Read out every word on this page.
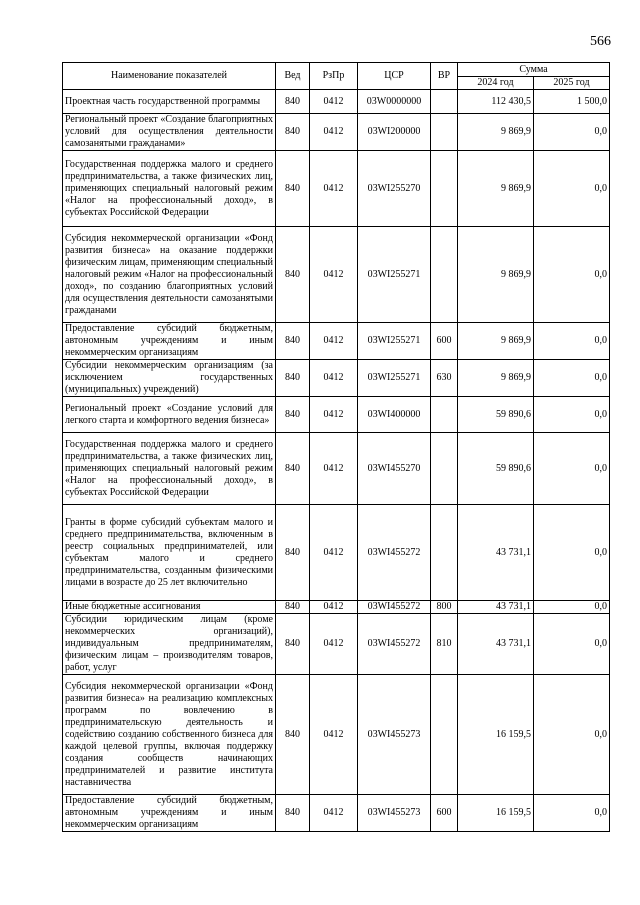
566
Наименование показателей	Вед	РзПр	ЦСР	ВР	Сумма	
					2024 год	2025 год
Проектная часть государственной программы	840	0412	03W0000000		112 430,5	1 500,0
Региональный проект «Создание благоприятных условий для осуществления деятельности самозанятыми гражданами»	840	0412	03WI200000		9 869,9	0,0
Государственная поддержка малого и среднего предпринимательства, а также физических лиц, применяющих специальный налоговый режим «Налог на профессиональный доход», в субъектах Российской Федерации	840	0412	03WI255270		9 869,9	0,0
Субсидия некоммерческой организации «Фонд развития бизнеса» на оказание поддержки физическим лицам, применяющим специальный налоговый режим «Налог на профессиональный доход», по созданию благоприятных условий для осуществления деятельности самозанятыми гражданами	840	0412	03WI255271		9 869,9	0,0
Предоставление субсидий бюджетным, автономным учреждениям и иным некоммерческим организациям	840	0412	03WI255271	600	9 869,9	0,0
Субсидии некоммерческим организациям (за исключением государственных (муниципальных) учреждений)	840	0412	03WI255271	630	9 869,9	0,0
Региональный проект «Создание условий для легкого старта и комфортного ведения бизнеса»	840	0412	03WI400000		59 890,6	0,0
Государственная поддержка малого и среднего предпринимательства, а также физических лиц, применяющих специальный налоговый режим «Налог на профессиональный доход», в субъектах Российской Федерации	840	0412	03WI455270		59 890,6	0,0
Гранты в форме субсидий субъектам малого и среднего предпринимательства, включенным в реестр социальных предпринимателей, или субъектам малого и среднего предпринимательства, созданным физическими лицами в возрасте до 25 лет включительно	840	0412	03WI455272		43 731,1	0,0
Иные бюджетные ассигнования	840	0412	03WI455272	800	43 731,1	0,0
Субсидии юридическим лицам (кроме некоммерческих организаций), индивидуальным предпринимателям, физическим лицам – производителям товаров, работ, услуг	840	0412	03WI455272	810	43 731,1	0,0
Субсидия некоммерческой организации «Фонд развития бизнеса» на реализацию комплексных программ по вовлечению в предпринимательскую деятельность и содействию созданию собственного бизнеса для каждой целевой группы, включая поддержку создания сообществ начинающих предпринимателей и развитие института наставничества	840	0412	03WI455273		16 159,5	0,0
Предоставление субсидий бюджетным, автономным учреждениям и иным некоммерческим организациям	840	0412	03WI455273	600	16 159,5	0,0
